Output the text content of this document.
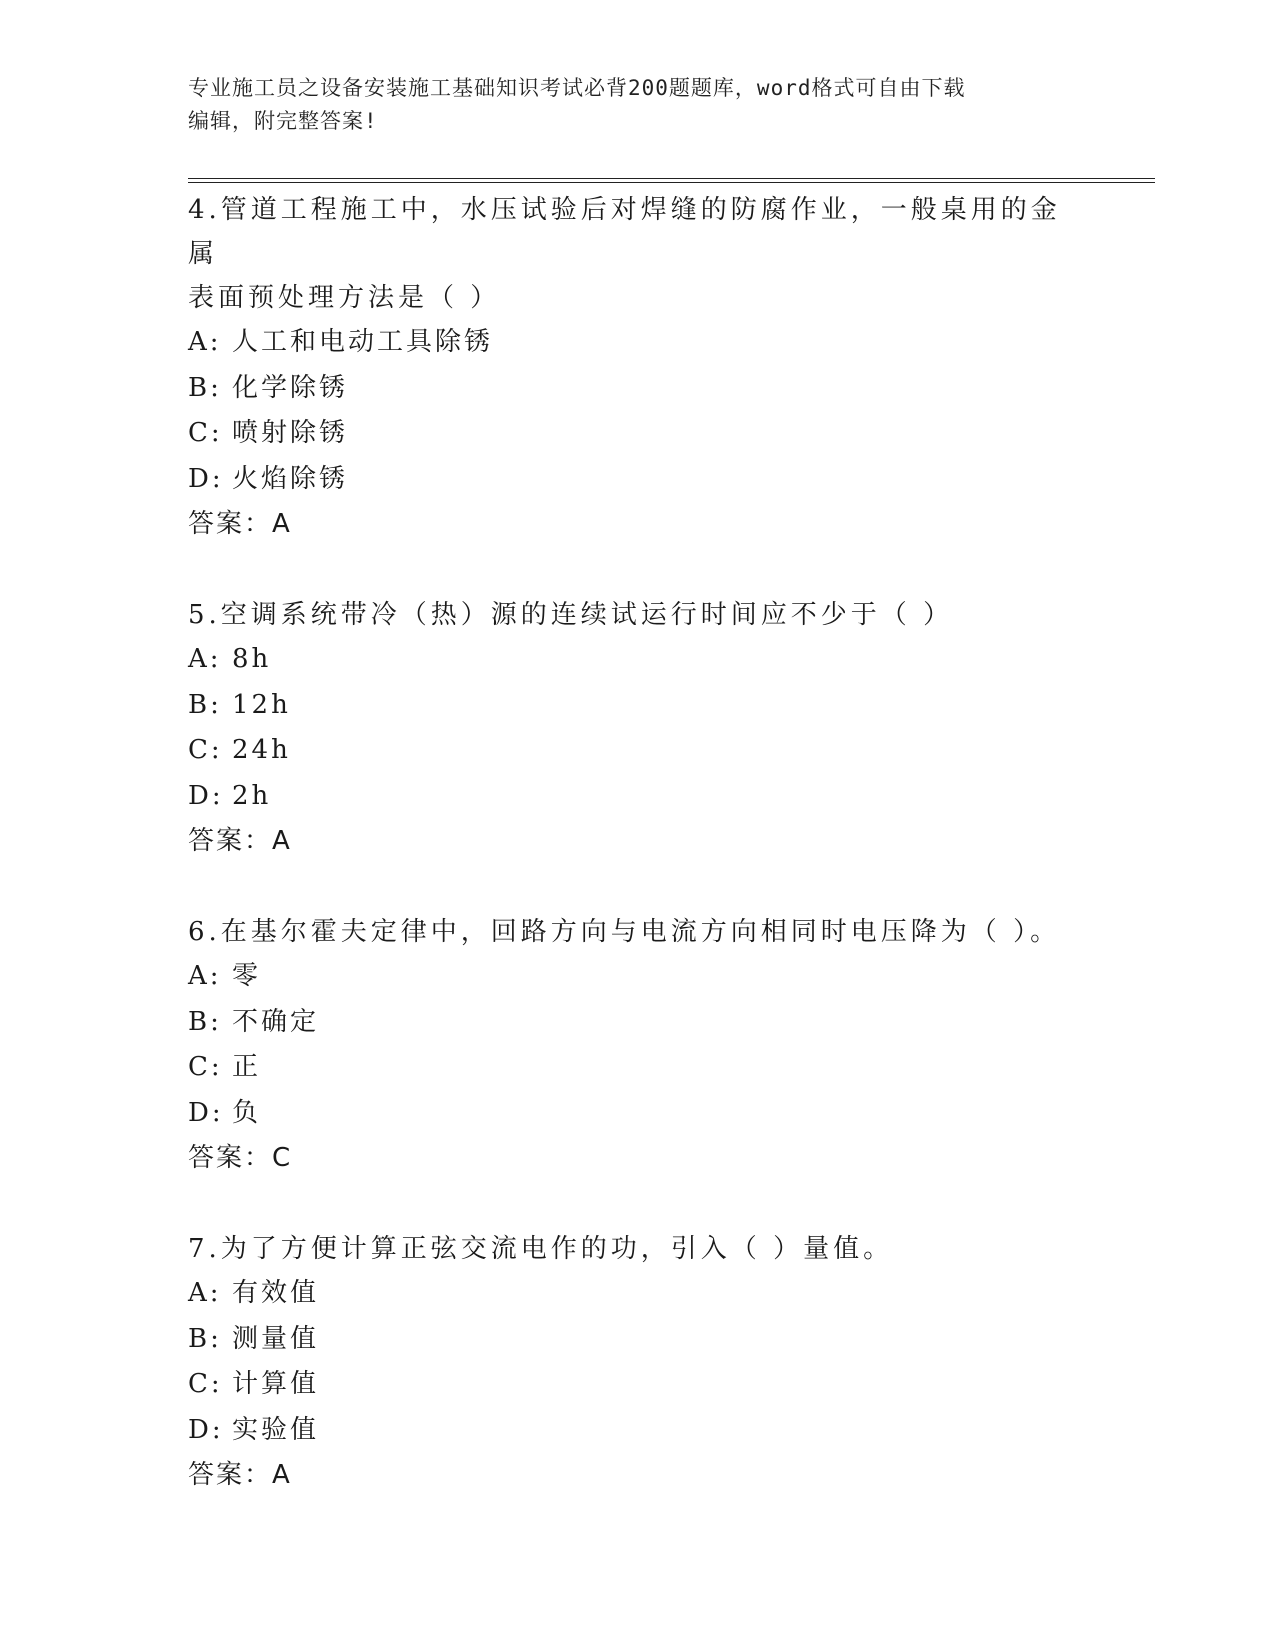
专业施工员之设备安装施工基础知识考试必背200题题库，word格式可自由下载
编辑，附完整答案!

4.管道工程施工中，水压试验后对焊缝的防腐作业，一般桌用的金属

表面预处理方法是（ ）

A: 人工和电动工具除锈

B: 化学除锈

C: 喷射除锈

D: 火焰除锈

答案：A

5.空调系统带冷（热）源的连续试运行时间应不少于（ ）

A: 8h

B: 12h

C: 24h

D: 2h

答案：A

6.在基尔霍夫定律中，回路方向与电流方向相同时电压降为（ ）。

A: 零

B: 不确定

C: 正

D: 负

答案：C

7.为了方便计算正弦交流电作的功，引入（ ）量值。

A: 有效值

B: 测量值

C: 计算值

D: 实验值

答案：A
